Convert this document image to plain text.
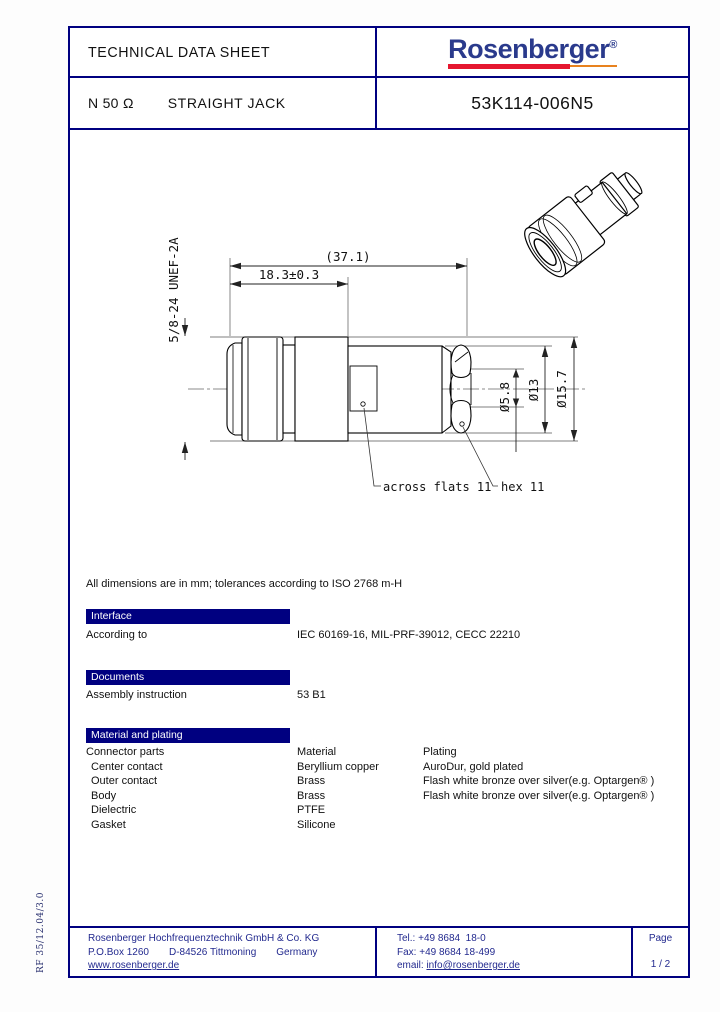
RF 35/12.04/3.0
TECHNICAL DATA SHEET	Rosenberger®
N 50 Ω STRAIGHT JACK	53K114-006N5
5/8-24 UNEF-2A	(37.1)
18.3±0.3
Ø5.8 Ø13 Ø15.7
across flats 11 hex 11
All dimensions are in mm; tolerances according to ISO 2768 m-H
Interface
According to	IEC 60169-16, MIL-PRF-39012, CECC 22210
Documents
Assembly instruction	53 B1
Material and plating
Connector parts	Material	Plating
Center contact	Beryllium copper	AuroDur, gold plated
Outer contact	Brass	Flash white bronze over silver(e.g. Optargen® )
Body	Brass	Flash white bronze over silver(e.g. Optargen® )
Dielectric	PTFE
Gasket	Silicone
Rosenberger Hochfrequenztechnik GmbH & Co. KG
P.O.Box 1260 D-84526 Tittmoning Germany
www.rosenberger.de
Tel.: +49 8684  18-0
Fax: +49 8684 18-499
email: info@rosenberger.de
Page
1 / 2
